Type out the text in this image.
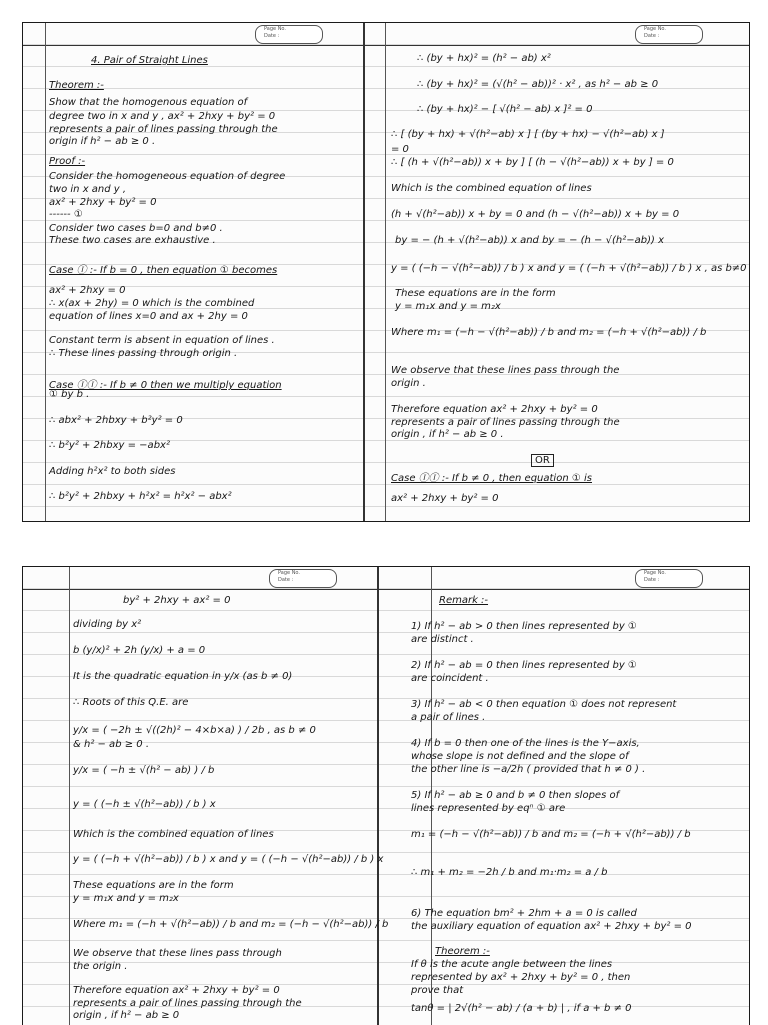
Page No.
Date :
Page No.
Date :
4. Pair of Straight Lines
Theorem :-
Show that the homogenous equation of
degree two in x and y , ax² + 2hxy + by² = 0
represents a pair of lines passing through the
origin if h² − ab ≥ 0 .
Proof :-
Consider the homogeneous equation of degree
two in x and y ,
ax² + 2hxy + by² = 0
------ ①
Consider two cases b=0 and b≠0 .
These two cases are exhaustive .
Case Ⓘ :- If b = 0 , then equation ① becomes
ax² + 2hxy = 0
∴ x(ax + 2hy) = 0 which is the combined
equation of lines x=0 and ax + 2hy = 0
Constant term is absent in equation of lines .
∴ These lines passing through origin .
Case ⒾⒾ :- If b ≠ 0 then we multiply equation
① by b .
∴ abx² + 2hbxy + b²y² = 0
∴ b²y² + 2hbxy = −abx²
Adding h²x² to both sides
∴ b²y² + 2hbxy + h²x² = h²x² − abx²
∴ (by + hx)² = (h² − ab) x²
∴ (by + hx)² = (√(h² − ab))² · x² , as h² − ab ≥ 0
∴ (by + hx)² − [ √(h² − ab) x ]² = 0
∴ [ (by + hx) + √(h²−ab) x ] [ (by + hx) − √(h²−ab) x ]
= 0
∴ [ (h + √(h²−ab)) x + by ] [ (h − √(h²−ab)) x + by ] = 0
Which is the combined equation of lines
(h + √(h²−ab)) x + by = 0 and (h − √(h²−ab)) x + by = 0
by = − (h + √(h²−ab)) x and by = − (h − √(h²−ab)) x
y = ( (−h − √(h²−ab)) / b ) x and y = ( (−h + √(h²−ab)) / b ) x , as b≠0
These equations are in the form
y = m₁x and y = m₂x
Where m₁ = (−h − √(h²−ab)) / b and m₂ = (−h + √(h²−ab)) / b
We observe that these lines pass through the
origin .
Therefore equation ax² + 2hxy + by² = 0
represents a pair of lines passing through the
origin , if h² − ab ≥ 0 .
OR
Case ⒾⒾ :- If b ≠ 0 , then equation ① is
ax² + 2hxy + by² = 0
Page No.
Date :
Page No.
Date :
by² + 2hxy + ax² = 0
dividing by x²
b (y/x)² + 2h (y/x) + a = 0
It is the quadratic equation in y/x (as b ≠ 0)
∴ Roots of this Q.E. are
y/x = ( −2h ± √((2h)² − 4×b×a) ) / 2b , as b ≠ 0
& h² − ab ≥ 0 .
y/x = ( −h ± √(h² − ab) ) / b
y = ( (−h ± √(h²−ab)) / b ) x
Which is the combined equation of lines
y = ( (−h + √(h²−ab)) / b ) x and y = ( (−h − √(h²−ab)) / b ) x
These equations are in the form
y = m₁x and y = m₂x
Where m₁ = (−h + √(h²−ab)) / b and m₂ = (−h − √(h²−ab)) / b
We observe that these lines pass through
the origin .
Therefore equation ax² + 2hxy + by² = 0
represents a pair of lines passing through the
origin , if h² − ab ≥ 0
Remark :-
1) If h² − ab > 0 then lines represented by ①
are distinct .
2) If h² − ab = 0 then lines represented by ①
are coincident .
3) If h² − ab < 0 then equation ① does not represent
a pair of lines .
4) If b = 0 then one of the lines is the Y−axis,
whose slope is not defined and the slope of
the other line is −a/2h ( provided that h ≠ 0 ) .
5) If h² − ab ≥ 0 and b ≠ 0 then slopes of
lines represented by eqⁿ ① are
m₁ = (−h − √(h²−ab)) / b and m₂ = (−h + √(h²−ab)) / b
∴ m₁ + m₂ = −2h / b and m₁·m₂ = a / b
6) The equation bm² + 2hm + a = 0 is called
the auxiliary equation of equation ax² + 2hxy + by² = 0
Theorem :-
If θ is the acute angle between the lines
represented by ax² + 2hxy + by² = 0 , then
prove that
tanθ = | 2√(h² − ab) / (a + b) | , if a + b ≠ 0
